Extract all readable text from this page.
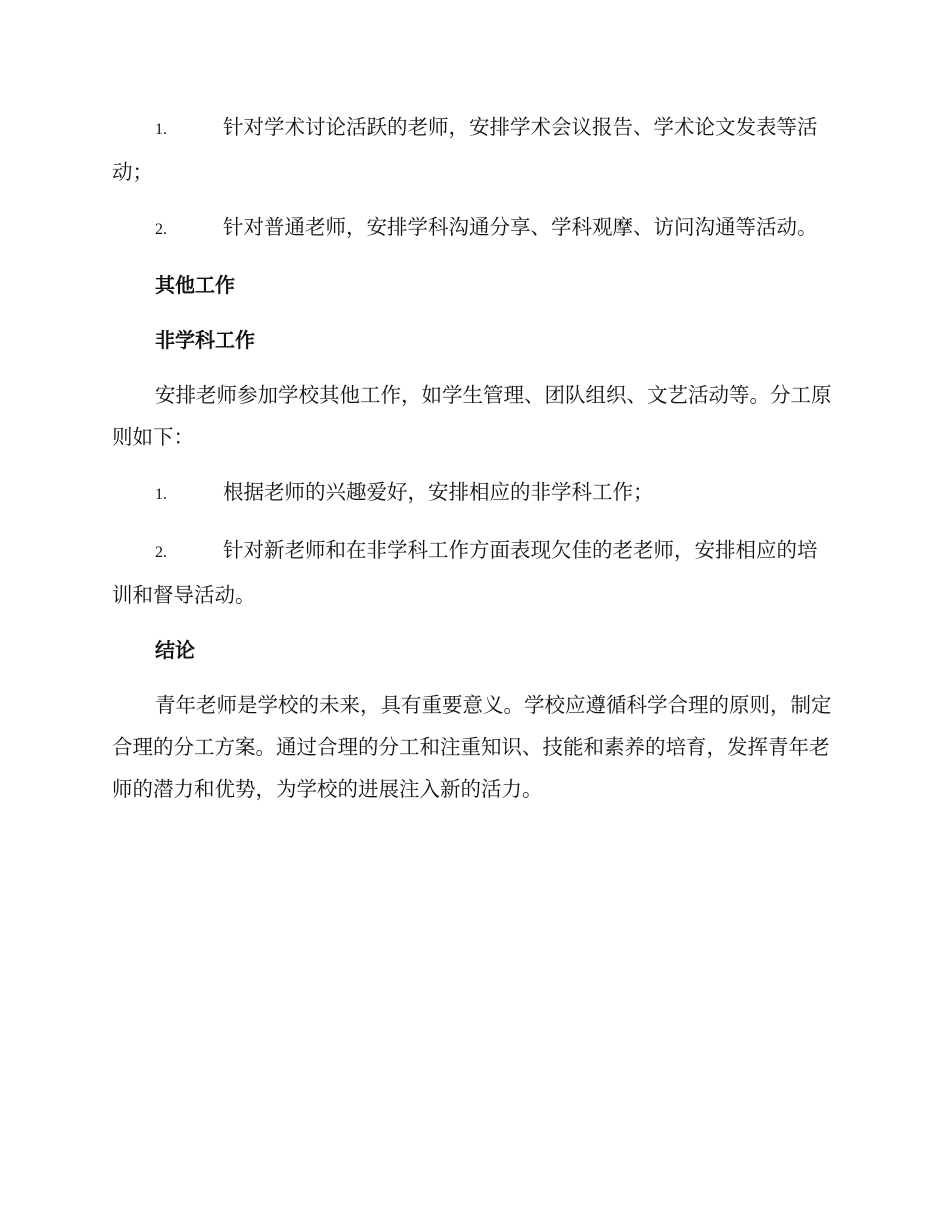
1.	针对学术讨论活跃的老师，安排学术会议报告、学术论文发表等活动；

2.	针对普通老师，安排学科沟通分享、学科观摩、访问沟通等活动。

其他工作

非学科工作

安排老师参加学校其他工作，如学生管理、团队组织、文艺活动等。分工原则如下：

1.	根据老师的兴趣爱好，安排相应的非学科工作；

2.	针对新老师和在非学科工作方面表现欠佳的老老师，安排相应的培训和督导活动。

结论

青年老师是学校的未来，具有重要意义。学校应遵循科学合理的原则，制定合理的分工方案。通过合理的分工和注重知识、技能和素养的培育，发挥青年老师的潜力和优势，为学校的进展注入新的活力。
